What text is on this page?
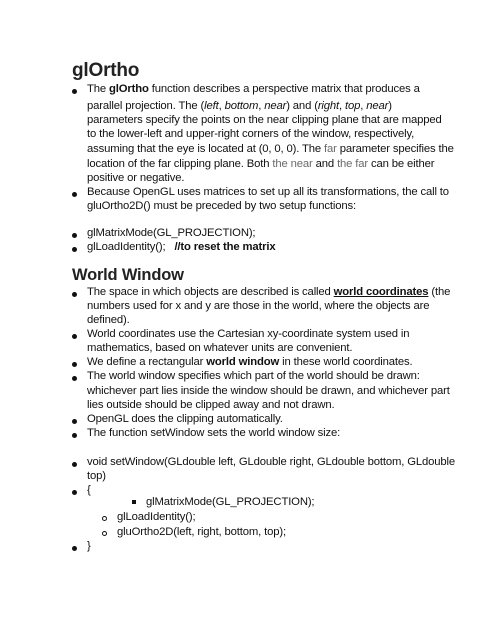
glOrtho
The glOrtho function describes a perspective matrix that produces a
parallel projection. The (left, bottom, near) and (right, top, near)
parameters specify the points on the near clipping plane that are mapped
to the lower-left and upper-right corners of the window, respectively,
assuming that the eye is located at (0, 0, 0). The far parameter specifies the
location of the far clipping plane. Both the near and the far can be either
positive or negative.
Because OpenGL uses matrices to set up all its transformations, the call to
gluOrtho2D() must be preceded by two setup functions:
glMatrixMode(GL_PROJECTION);
glLoadIdentity();   //to reset the matrix
World Window
The space in which objects are described is called world coordinates (the
numbers used for x and y are those in the world, where the objects are
defined).
World coordinates use the Cartesian xy-coordinate system used in
mathematics, based on whatever units are convenient.
We define a rectangular world window in these world coordinates.
The world window specifies which part of the world should be drawn:
whichever part lies inside the window should be drawn, and whichever part
lies outside should be clipped away and not drawn.
OpenGL does the clipping automatically.
The function setWindow sets the world window size:
void setWindow(GLdouble left, GLdouble right, GLdouble bottom, GLdouble
top)
{
glMatrixMode(GL_PROJECTION);
glLoadIdentity();
gluOrtho2D(left, right, bottom, top);
}
